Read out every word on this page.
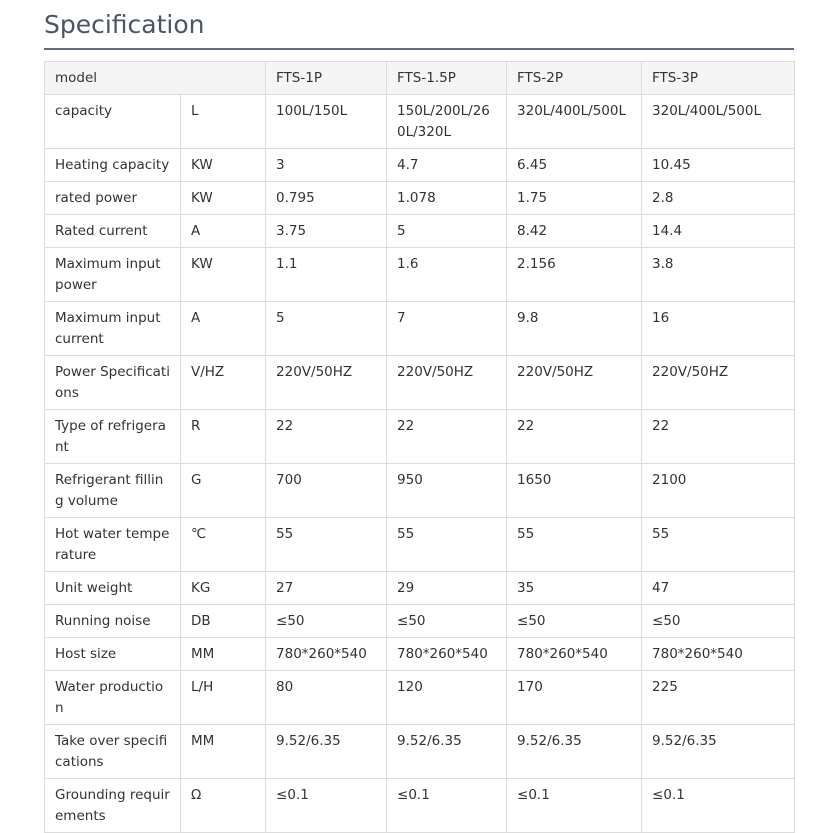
Specification
model		FTS-1P	FTS-1.5P	FTS-2P	FTS-3P
capacity	L	100L/150L	150L/200L/260L/320L	320L/400L/500L	320L/400L/500L
Heating capacity	KW	3	4.7	6.45	10.45
rated power	KW	0.795	1.078	1.75	2.8
Rated current	A	3.75	5	8.42	14.4
Maximum input power	KW	1.1	1.6	2.156	3.8
Maximum input current	A	5	7	9.8	16
Power Specifications	V/HZ	220V/50HZ	220V/50HZ	220V/50HZ	220V/50HZ
Type of refrigerant	R	22	22	22	22
Refrigerant filling volume	G	700	950	1650	2100
Hot water temperature	℃	55	55	55	55
Unit weight	KG	27	29	35	47
Running noise	DB	≤50	≤50	≤50	≤50
Host size	MM	780*260*540	780*260*540	780*260*540	780*260*540
Water production	L/H	80	120	170	225
Take over specifications	MM	9.52/6.35	9.52/6.35	9.52/6.35	9.52/6.35
Grounding requirements	Ω	≤0.1	≤0.1	≤0.1	≤0.1
